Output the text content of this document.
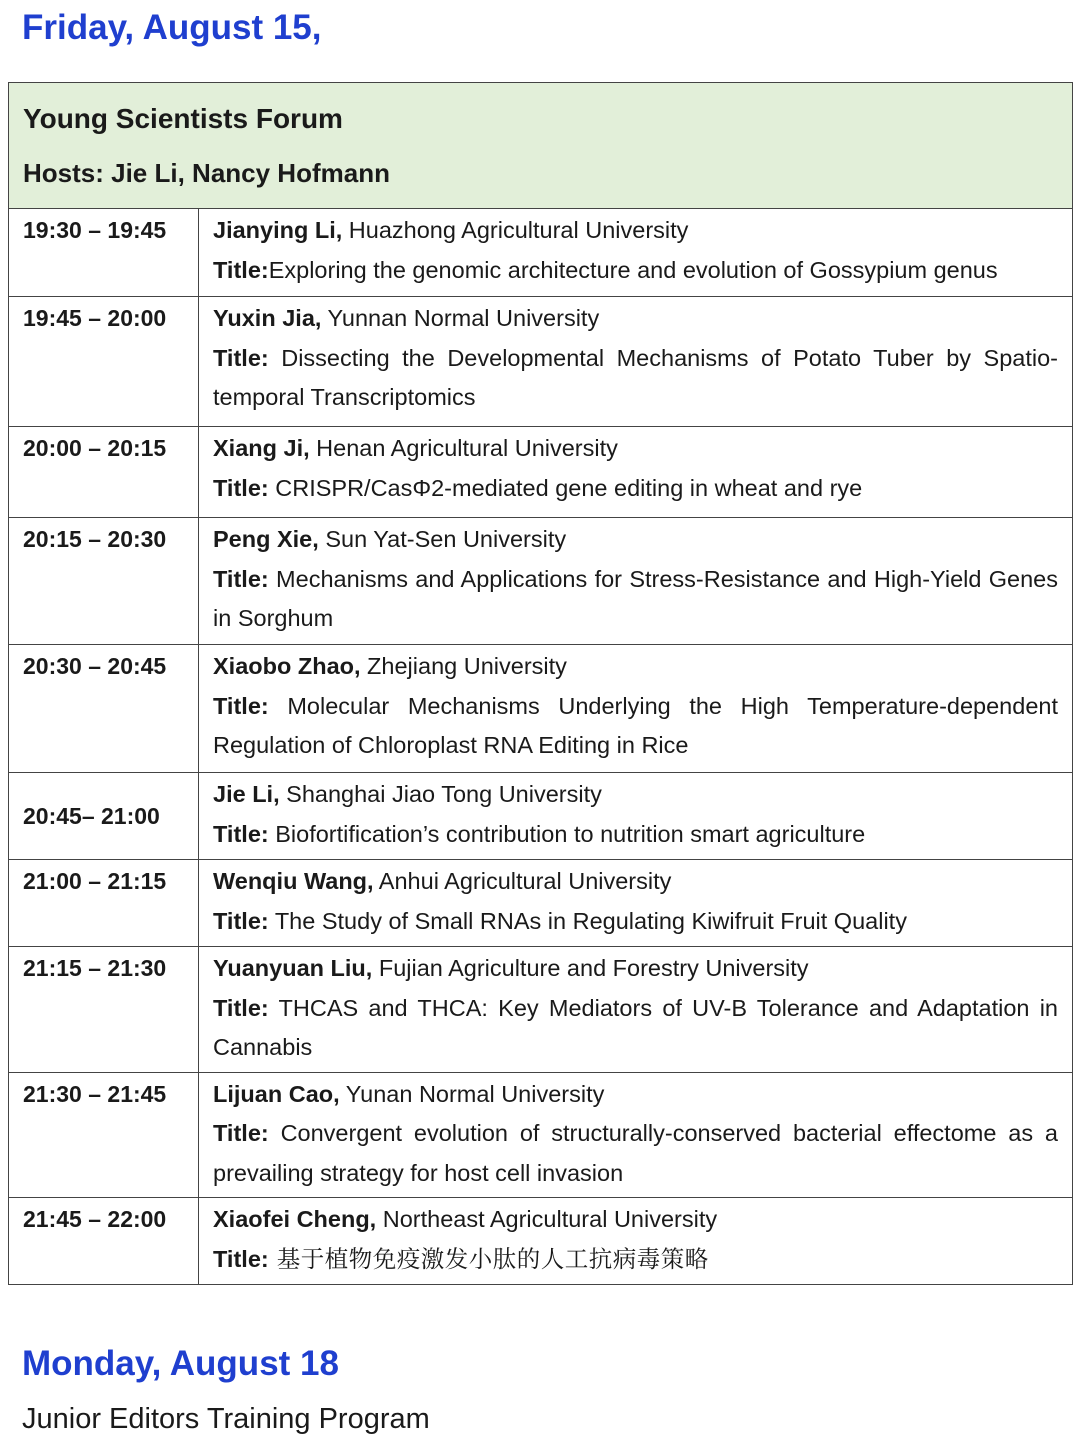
Friday, August 15,
Young Scientists Forum
Hosts: Jie Li, Nancy Hofmann	

19:30 – 19:45	Jianying Li, Huazhong Agricultural University
Title:Exploring the genomic architecture and evolution of Gossypium genus

19:45 – 20:00	Yuxin Jia, Yunnan Normal University
Title: Dissecting the Developmental Mechanisms of Potato Tuber by Spatio-temporal Transcriptomics

20:00 – 20:15	Xiang Ji, Henan Agricultural University
Title: CRISPR/CasΦ2-mediated gene editing in wheat and rye

20:15 – 20:30	Peng Xie, Sun Yat-Sen University
Title: Mechanisms and Applications for Stress-Resistance and High-Yield Genes in Sorghum

20:30 – 20:45	Xiaobo Zhao, Zhejiang University
Title: Molecular Mechanisms Underlying the High Temperature-dependent Regulation of Chloroplast RNA Editing in Rice

20:45– 21:00	Jie Li, Shanghai Jiao Tong University
Title: Biofortification’s contribution to nutrition smart agriculture

21:00 – 21:15	Wenqiu Wang, Anhui Agricultural University
Title: The Study of Small RNAs in Regulating Kiwifruit Fruit Quality

21:15 – 21:30	Yuanyuan Liu, Fujian Agriculture and Forestry University
Title: THCAS and THCA: Key Mediators of UV-B Tolerance and Adaptation in Cannabis

21:30 – 21:45	Lijuan Cao, Yunan Normal University
Title: Convergent evolution of structurally-conserved bacterial effectome as a prevailing strategy for host cell invasion

21:45 – 22:00	Xiaofei Cheng, Northeast Agricultural University
Title: 基于植物免疫激发小肽的人工抗病毒策略
Monday, August 18
Junior Editors Training Program
